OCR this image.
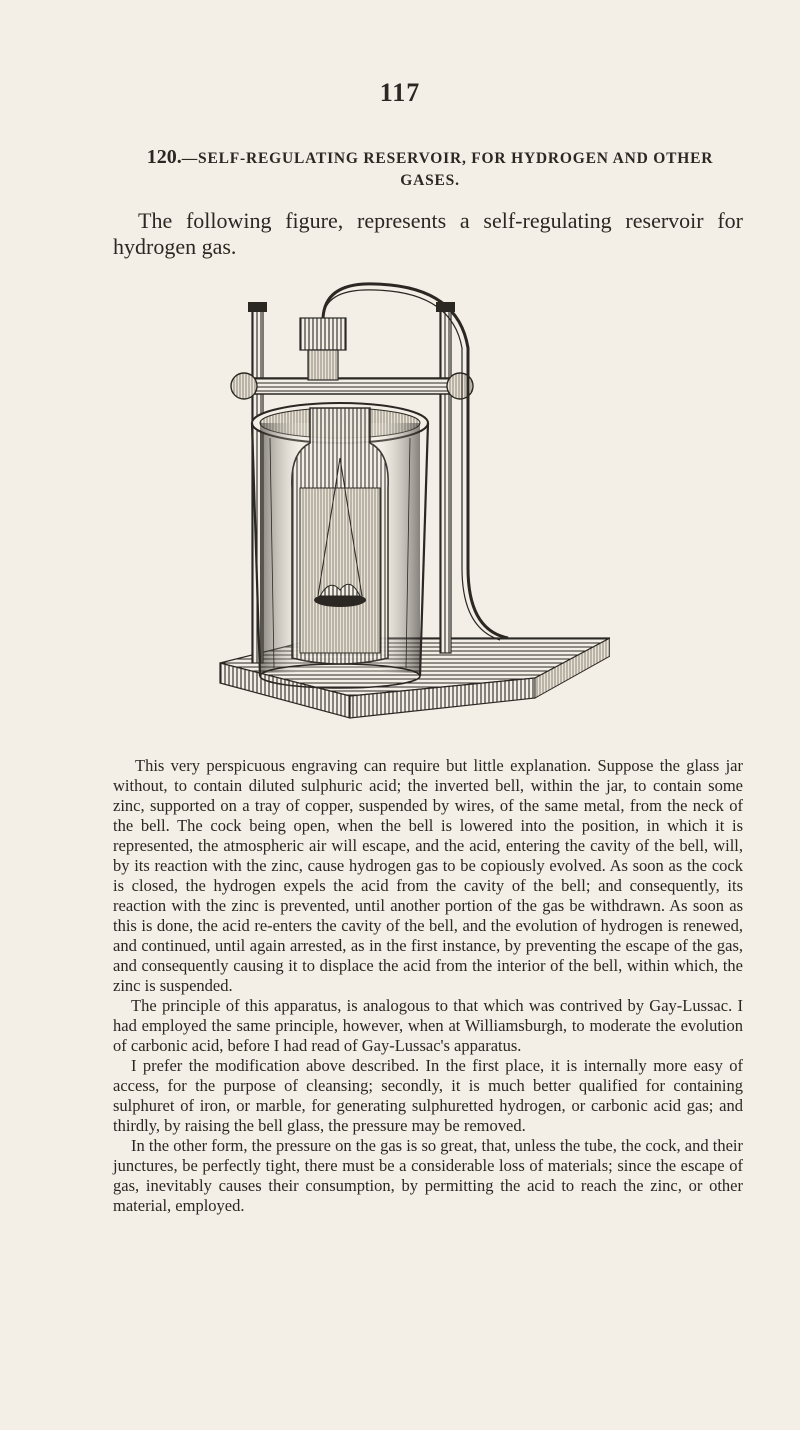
117
120.—SELF-REGULATING RESERVOIR, FOR HYDROGEN AND OTHER GASES.
The following figure, represents a self-regulating reservoir for hydrogen gas.

This very perspicuous engraving can require but little explanation. Suppose the glass jar without, to contain diluted sulphuric acid; the inverted bell, within the jar, to contain some zinc, supported on a tray of copper, suspended by wires, of the same metal, from the neck of the bell. The cock being open, when the bell is lowered into the position, in which it is represented, the atmospheric air will escape, and the acid, entering the cavity of the bell, will, by its reaction with the zinc, cause hydrogen gas to be copiously evolved. As soon as the cock is closed, the hydrogen expels the acid from the cavity of the bell; and consequently, its reaction with the zinc is prevented, until another portion of the gas be withdrawn. As soon as this is done, the acid re-enters the cavity of the bell, and the evolution of hydrogen is renewed, and continued, until again arrested, as in the first instance, by preventing the escape of the gas, and consequently causing it to displace the acid from the interior of the bell, within which, the zinc is suspended.

The principle of this apparatus, is analogous to that which was contrived by Gay-Lussac. I had employed the same principle, however, when at Williamsburgh, to moderate the evolution of carbonic acid, before I had read of Gay-Lussac's apparatus.

I prefer the modification above described. In the first place, it is internally more easy of access, for the purpose of cleansing; secondly, it is much better qualified for containing sulphuret of iron, or marble, for generating sulphuretted hydrogen, or carbonic acid gas; and thirdly, by raising the bell glass, the pressure may be removed.

In the other form, the pressure on the gas is so great, that, unless the tube, the cock, and their junctures, be perfectly tight, there must be a considerable loss of materials; since the escape of gas, inevitably causes their consumption, by permitting the acid to reach the zinc, or other material, employed.
